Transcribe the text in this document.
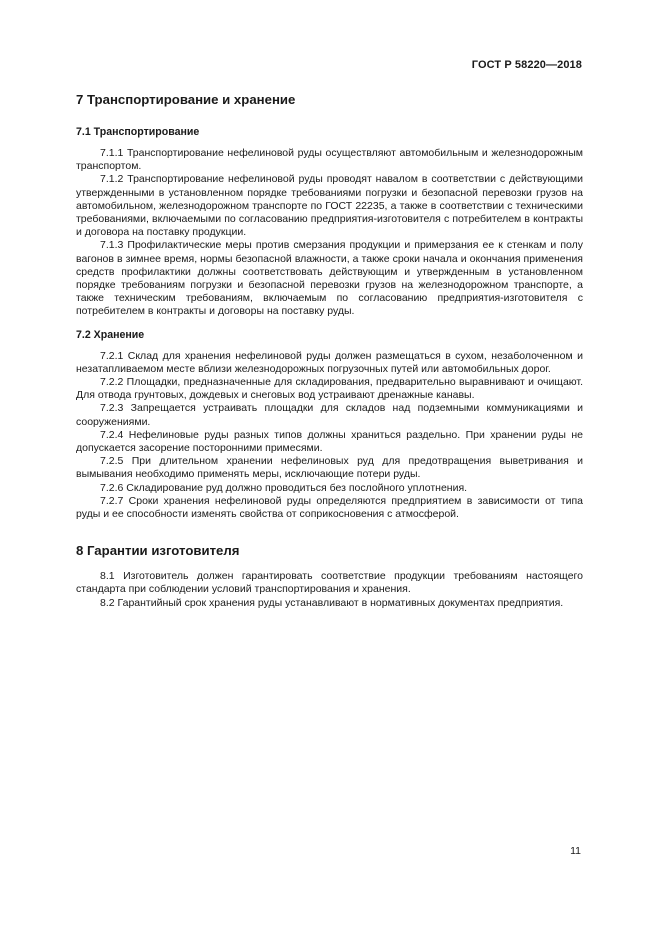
ГОСТ Р 58220—2018
7 Транспортирование и хранение
7.1 Транспортирование

7.1.1 Транспортирование нефелиновой руды осуществляют автомобильным и железнодорожным транспортом.

7.1.2 Транспортирование нефелиновой руды проводят навалом в соответствии с действующими утвержденными в установленном порядке требованиями погрузки и безопасной перевозки грузов на автомобильном, железнодорожном транспорте по ГОСТ 22235, а также в соответствии с техническими требованиями, включаемыми по согласованию предприятия-изготовителя с потребителем в контракты и договора на поставку продукции.

7.1.3 Профилактические меры против смерзания продукции и примерзания ее к стенкам и полу вагонов в зимнее время, нормы безопасной влажности, а также сроки начала и окончания применения средств профилактики должны соответствовать действующим и утвержденным в установленном порядке требованиям погрузки и безопасной перевозки грузов на железнодорожном транспорте, а также техническим требованиям, включаемым по согласованию предприятия-изготовителя с потребителем в контракты и договоры на поставку руды.

7.2 Хранение

7.2.1 Склад для хранения нефелиновой руды должен размещаться в сухом, незаболоченном и незатапливаемом месте вблизи железнодорожных погрузочных путей или автомобильных дорог.

7.2.2 Площадки, предназначенные для складирования, предварительно выравнивают и очищают. Для отвода грунтовых, дождевых и снеговых вод устраивают дренажные канавы.

7.2.3 Запрещается устраивать площадки для складов над подземными коммуникациями и сооружениями.

7.2.4 Нефелиновые руды разных типов должны храниться раздельно. При хранении руды не допускается засорение посторонними примесями.

7.2.5 При длительном хранении нефелиновых руд для предотвращения выветривания и вымывания необходимо применять меры, исключающие потери руды.

7.2.6 Складирование руд должно проводиться без послойного уплотнения.

7.2.7 Сроки хранения нефелиновой руды определяются предприятием в зависимости от типа руды и ее способности изменять свойства от соприкосновения с атмосферой.

8 Гарантии изготовителя

8.1 Изготовитель должен гарантировать соответствие продукции требованиям настоящего стандарта при соблюдении условий транспортирования и хранения.

8.2 Гарантийный срок хранения руды устанавливают в нормативных документах предприятия.

11
